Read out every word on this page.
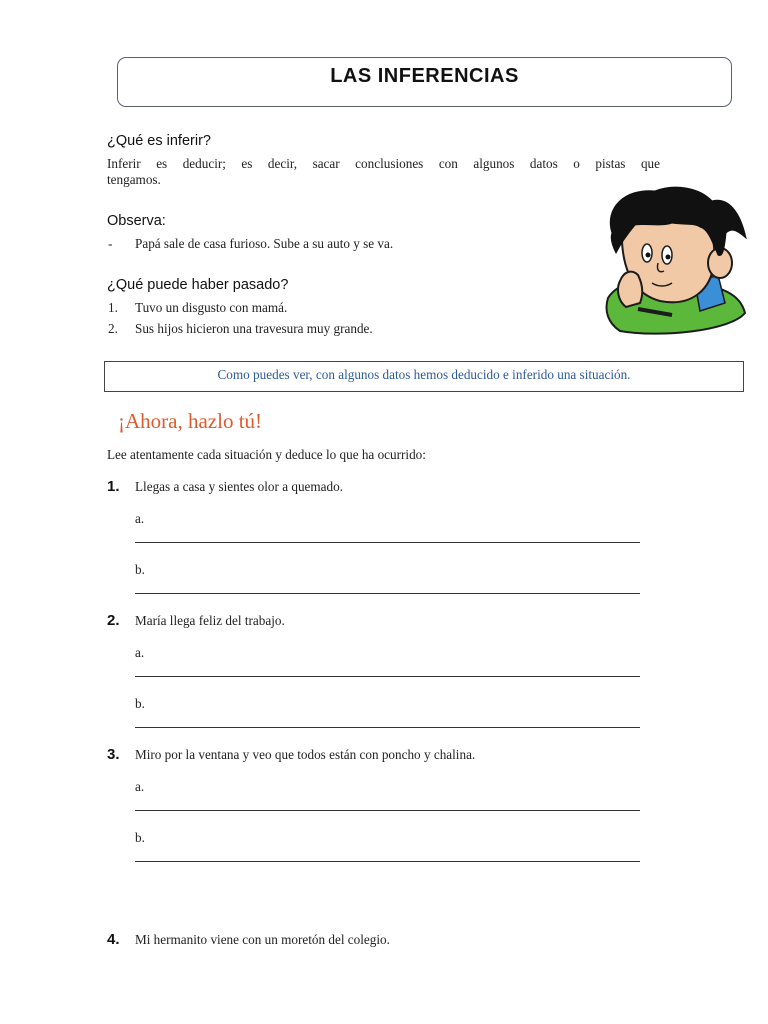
LAS INFERENCIAS
¿Qué es inferir?
Inferir es deducir; es decir, sacar conclusiones con algunos datos o pistas que
tengamos.
Observa:
- Papá sale de casa furioso. Sube a su auto y se va.
¿Qué puede haber pasado?
1. Tuvo un disgusto con mamá.
2. Sus hijos hicieron una travesura muy grande.
Como puedes ver, con algunos datos hemos deducido e inferido una situación.
¡Ahora, hazlo tú!
Lee atentamente cada situación y deduce lo que ha ocurrido:
1. Llegas a casa y sientes olor a quemado.
a.
b.
2. María llega feliz del trabajo.
a.
b.
3. Miro por la ventana y veo que todos están con poncho y chalina.
a.
b.
4. Mi hermanito viene con un moretón del colegio.
